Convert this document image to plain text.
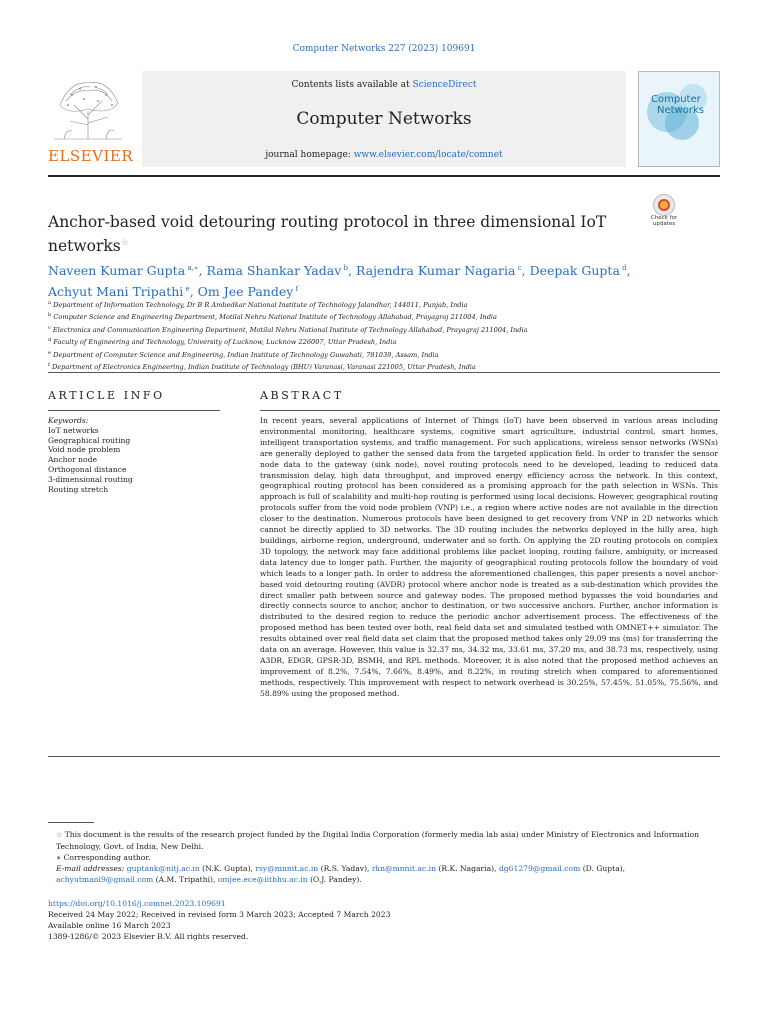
Computer Networks 227 (2023) 109691
ELSEVIER
Contents lists available at ScienceDirect
Computer Networks
journal homepage: www.elsevier.com/locate/comnet
Computer
Networks
Anchor-based void detouring routing protocol in three dimensional IoT networks☆
Check for updates
Naveen Kumar Gupta $^{a,∗}$, Rama Shankar Yadav $^b$, Rajendra Kumar Nagaria $^c$, Deepak Gupta $^d$,
Achyut Mani Tripathi $^e$, Om Jee Pandey $^f$
$^a$ Department of Information Technology, Dr B R Ambedkar National Institute of Technology Jalandhar, 144011, Punjab, India
$^b$ Computer Science and Engineering Department, Motilal Nehru National Institute of Technology Allahabad, Prayagraj 211004, India
$^c$ Electronics and Communication Engineering Department, Motilal Nehru National Institute of Technology Allahabad, Prayagraj 211004, India
$^d$ Faculty of Engineering and Technology, University of Lucknow, Lucknow 226007, Uttar Pradesh, India
$^e$ Department of Computer Science and Engineering, Indian Institute of Technology Guwahati, 781039, Assam, India
$^f$ Department of Electronics Engineering, Indian Institute of Technology (BHU) Varanasi, Varanasi 221005, Uttar Pradesh, India
ARTICLE INFO	ABSTRACT
Keywords:
IoT networks
Geographical routing
Void node problem
Anchor node
Orthogonal distance
3-dimensional routing
Routing stretch
In recent years, several applications of Internet of Things (IoT) have been observed in various areas including environmental monitoring, healthcare systems, cognitive smart agriculture, industrial control, smart homes, intelligent transportation systems, and traffic management. For such applications, wireless sensor networks (WSNs) are generally deployed to gather the sensed data from the targeted application field. In order to transfer the sensor node data to the gateway (sink node), novel routing protocols need to be developed, leading to reduced data transmission delay, high data throughput, and improved energy efficiency across the network. In this context, geographical routing protocol has been considered as a promising approach for the path selection in WSNs. This approach is full of scalability and multi-hop routing is performed using local decisions. However, geographical routing protocols suffer from the void node problem (VNP) i.e., a region where active nodes are not available in the direction closer to the destination. Numerous protocols have been designed to get recovery from VNP in 2D networks which cannot be directly applied to 3D networks. The 3D routing includes the networks deployed in the hilly area, high buildings, airborne region, underground, underwater and so forth. On applying the 2D routing protocols on complex 3D topology, the network may face additional problems like packet looping, routing failure, ambiguity, or increased data latency due to longer path. Further, the majority of geographical routing protocols follow the boundary of void which leads to a longer path. In order to address the aforementioned challenges, this paper presents a novel anchor-based void detouring routing (AVDR) protocol where anchor node is treated as a sub-destination which provides the direct smaller path between source and gateway nodes. The proposed method bypasses the void boundaries and directly connects source to anchor, anchor to destination, or two successive anchors. Further, anchor information is distributed to the desired region to reduce the periodic anchor advertisement process. The effectiveness of the proposed method has been tested over both, real field data set and simulated testbed with OMNET++ simulator. The results obtained over real field data set claim that the proposed method takes only 29.09 ms (ms) for transferring the data on an average. However, this value is 32.37 ms, 34.32 ms, 33.61 ms, 37.20 ms, and 38.73 ms, respectively, using A3DR, EDGR, GPSR-3D, BSMH, and RPL methods. Moreover, it is also noted that the proposed method achieves an improvement of 8.2%, 7.54%, 7.66%, 8.49%, and 8.22%, in routing stretch when compared to aforementioned methods, respectively. This improvement with respect to network overhead is 30.25%, 57.45%, 51.05%, 75.56%, and 58.89% using the proposed method.
☆ This document is the results of the research project funded by the Digital India Corporation (formerly media lab asia) under Ministry of Electronics and Information Technology, Govt. of India, New Delhi.
∗ Corresponding author.
E-mail addresses: guptank@nitj.ac.in (N.K. Gupta), rsy@mnnit.ac.in (R.S. Yadav), rkn@mnnit.ac.in (R.K. Nagaria), dg61279@gmail.com (D. Gupta),
achyutmani9@gmail.com (A.M. Tripathi), omjee.ece@iitbhu.ac.in (O.J. Pandey).
https://doi.org/10.1016/j.comnet.2023.109691
Received 24 May 2022; Received in revised form 3 March 2023; Accepted 7 March 2023
Available online 16 March 2023
1389-1286/© 2023 Elsevier B.V. All rights reserved.
